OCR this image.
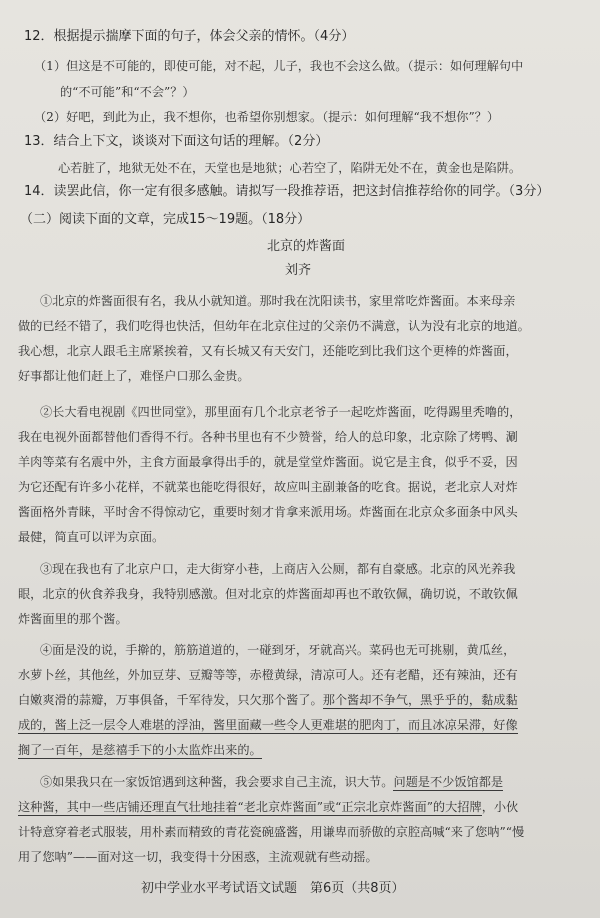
12．根据提示揣摩下面的句子，体会父亲的情怀。（4分）
（1）但这是不可能的，即使可能，对不起，儿子，我也不会这么做。（提示：如何理解句中
的“不可能”和“不会”？）
（2）好吧，到此为止，我不想你，也希望你别想家。（提示：如何理解“我不想你”？）
13．结合上下文，谈谈对下面这句话的理解。（2分）
心若脏了，地狱无处不在，天堂也是地狱；心若空了，陷阱无处不在，黄金也是陷阱。
14．读罢此信，你一定有很多感触。请拟写一段推荐语，把这封信推荐给你的同学。（3分）
（二）阅读下面的文章，完成15～19题。（18分）
北京的炸酱面
刘齐
①北京的炸酱面很有名，我从小就知道。那时我在沈阳读书，家里常吃炸酱面。本来母亲
做的已经不错了，我们吃得也快活，但幼年在北京住过的父亲仍不满意，认为没有北京的地道。
我心想，北京人跟毛主席紧挨着，又有长城又有天安门，还能吃到比我们这个更棒的炸酱面，
好事都让他们赶上了，难怪户口那么金贵。
②长大看电视剧《四世同堂》，那里面有几个北京老爷子一起吃炸酱面，吃得踢里秃噜的，
我在电视外面都替他们香得不行。各种书里也有不少赞誉，给人的总印象，北京除了烤鸭、涮
羊肉等菜有名震中外，主食方面最拿得出手的，就是堂堂炸酱面。说它是主食，似乎不妥，因
为它还配有许多小花样，不就菜也能吃得很好，故应叫主副兼备的吃食。据说，老北京人对炸
酱面格外青睐，平时舍不得惊动它，重要时刻才肯拿来派用场。炸酱面在北京众多面条中风头
最健，简直可以评为京面。
③现在我也有了北京户口，走大街穿小巷，上商店入公厕，都有自豪感。北京的风光养我
眼，北京的伙食养我身，我特别感激。但对北京的炸酱面却再也不敢钦佩，确切说，不敢钦佩
炸酱面里的那个酱。
④面是没的说，手擀的，筋筋道道的，一碰到牙，牙就高兴。菜码也无可挑剔，黄瓜丝，
水萝卜丝，其他丝，外加豆芽、豆瓣等等，赤橙黄绿，清凉可人。还有老醋，还有辣油，还有
白嫩爽滑的蒜瓣，万事俱备，千军待发，只欠那个酱了。那个酱却不争气，黑乎乎的，黏成黏
成的，酱上泛一层令人难堪的浮油，酱里面藏一些令人更难堪的肥肉丁，而且冰凉呆滞，好像
搁了一百年，是慈禧手下的小太监炸出来的。
⑤如果我只在一家饭馆遇到这种酱，我会要求自己主流，识大节。问题是不少饭馆都是
这种酱，其中一些店铺还理直气壮地挂着“老北京炸酱面”或“正宗北京炸酱面”的大招牌，小伙
计特意穿着老式服装，用朴素而精致的青花瓷碗盛酱，用谦卑而骄傲的京腔高喊“来了您呐”“慢
用了您呐”——面对这一切，我变得十分困惑，主流观就有些动摇。
初中学业水平考试语文试题　第6页（共8页）
